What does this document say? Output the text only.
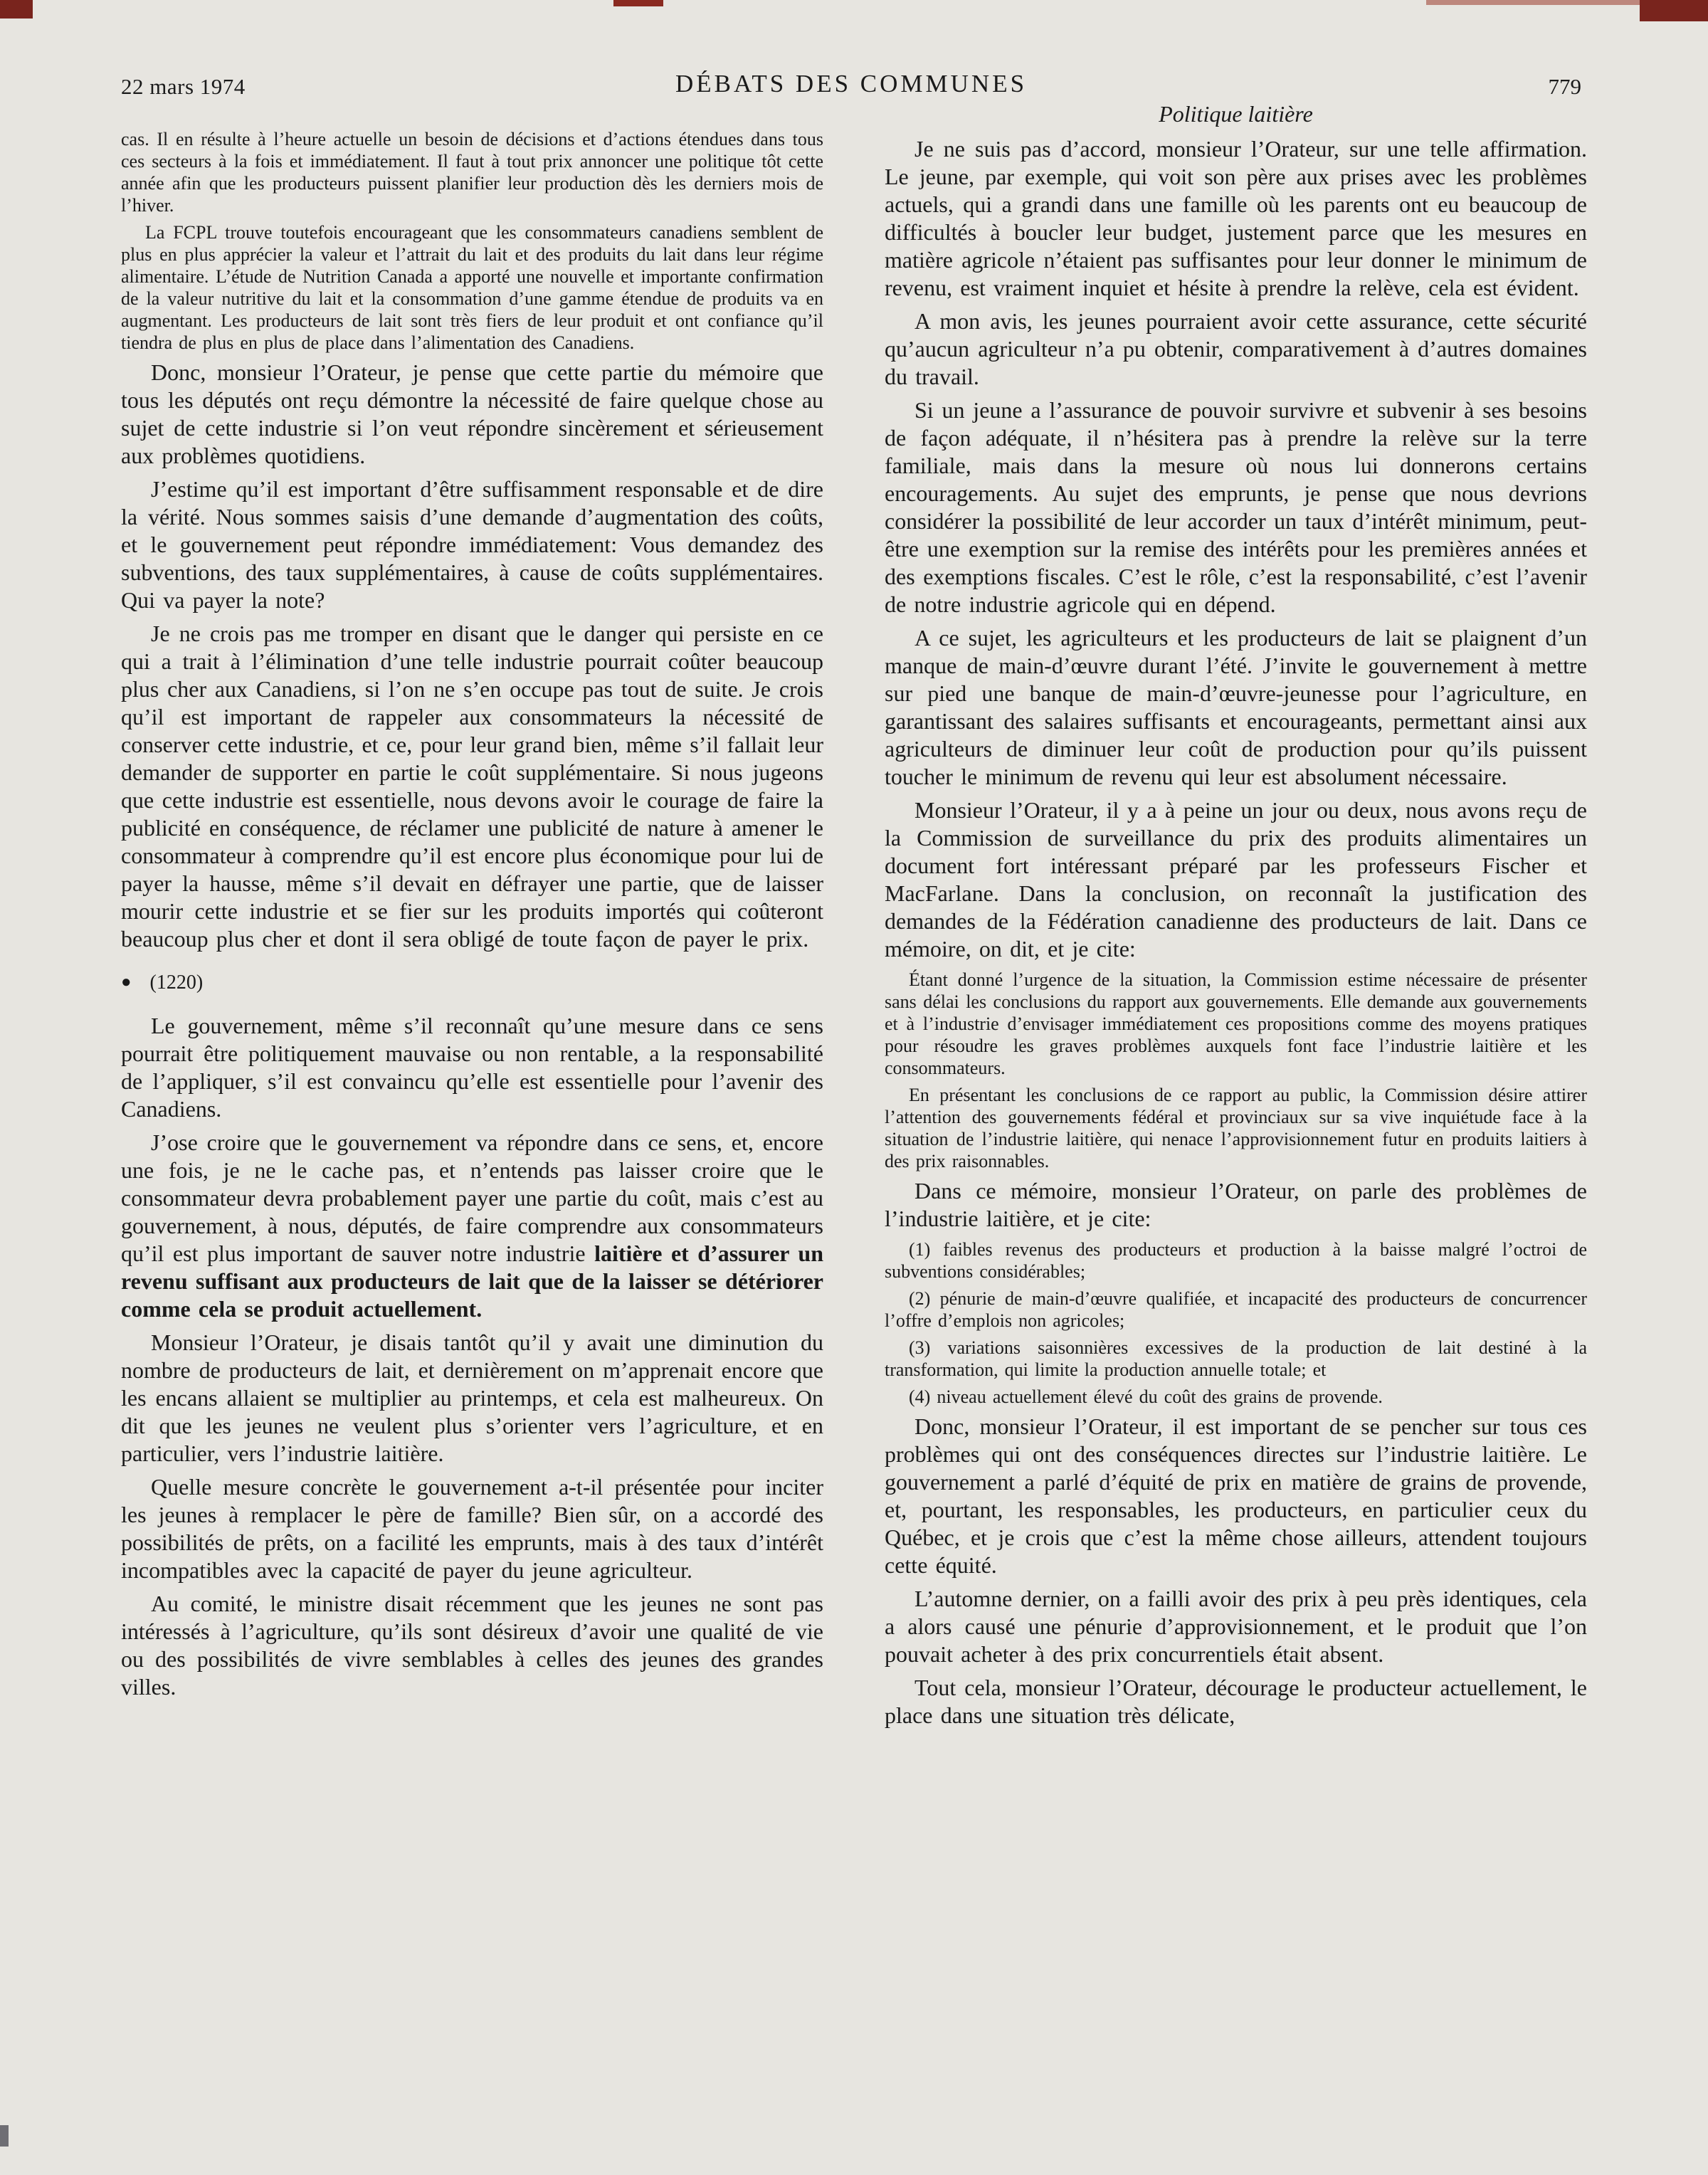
22 mars 1974	DÉBATS DES COMMUNES	779

cas. Il en résulte à l’heure actuelle un besoin de décisions et d’actions étendues dans tous ces secteurs à la fois et immédiatement. Il faut à tout prix annoncer une politique tôt cette année afin que les producteurs puissent planifier leur production dès les derniers mois de l’hiver.

La FCPL trouve toutefois encourageant que les consommateurs canadiens semblent de plus en plus apprécier la valeur et l’attrait du lait et des produits du lait dans leur régime alimentaire. L’étude de Nutrition Canada a apporté une nouvelle et importante confirmation de la valeur nutritive du lait et la consommation d’une gamme étendue de produits va en augmentant. Les producteurs de lait sont très fiers de leur produit et ont confiance qu’il tiendra de plus en plus de place dans l’alimentation des Canadiens.

Donc, monsieur l’Orateur, je pense que cette partie du mémoire que tous les députés ont reçu démontre la nécessité de faire quelque chose au sujet de cette industrie si l’on veut répondre sincèrement et sérieusement aux problèmes quotidiens.

J’estime qu’il est important d’être suffisamment responsable et de dire la vérité. Nous sommes saisis d’une demande d’augmentation des coûts, et le gouvernement peut répondre immédiatement: Vous demandez des subventions, des taux supplémentaires, à cause de coûts supplémentaires. Qui va payer la note?

Je ne crois pas me tromper en disant que le danger qui persiste en ce qui a trait à l’élimination d’une telle industrie pourrait coûter beaucoup plus cher aux Canadiens, si l’on ne s’en occupe pas tout de suite. Je crois qu’il est important de rappeler aux consommateurs la nécessité de conserver cette industrie, et ce, pour leur grand bien, même s’il fallait leur demander de supporter en partie le coût supplémentaire. Si nous jugeons que cette industrie est essentielle, nous devons avoir le courage de faire la publicité en conséquence, de réclamer une publicité de nature à amener le consommateur à comprendre qu’il est encore plus économique pour lui de payer la hausse, même s’il devait en défrayer une partie, que de laisser mourir cette industrie et se fier sur les produits importés qui coûteront beaucoup plus cher et dont il sera obligé de toute façon de payer le prix.

● (1220)

Le gouvernement, même s’il reconnaît qu’une mesure dans ce sens pourrait être politiquement mauvaise ou non rentable, a la responsabilité de l’appliquer, s’il est convaincu qu’elle est essentielle pour l’avenir des Canadiens.

J’ose croire que le gouvernement va répondre dans ce sens, et, encore une fois, je ne le cache pas, et n’entends pas laisser croire que le consommateur devra probablement payer une partie du coût, mais c’est au gouvernement, à nous, députés, de faire comprendre aux consommateurs qu’il est plus important de sauver notre industrie laitière et d’assurer un revenu suffisant aux producteurs de lait que de la laisser se détériorer comme cela se produit actuellement.

Monsieur l’Orateur, je disais tantôt qu’il y avait une diminution du nombre de producteurs de lait, et dernièrement on m’apprenait encore que les encans allaient se multiplier au printemps, et cela est malheureux. On dit que les jeunes ne veulent plus s’orienter vers l’agriculture, et en particulier, vers l’industrie laitière.

Quelle mesure concrète le gouvernement a-t-il présentée pour inciter les jeunes à remplacer le père de famille? Bien sûr, on a accordé des possibilités de prêts, on a facilité les emprunts, mais à des taux d’intérêt incompatibles avec la capacité de payer du jeune agriculteur.

Au comité, le ministre disait récemment que les jeunes ne sont pas intéressés à l’agriculture, qu’ils sont désireux d’avoir une qualité de vie ou des possibilités de vivre semblables à celles des jeunes des grandes villes.

Politique laitière

Je ne suis pas d’accord, monsieur l’Orateur, sur une telle affirmation. Le jeune, par exemple, qui voit son père aux prises avec les problèmes actuels, qui a grandi dans une famille où les parents ont eu beaucoup de difficultés à boucler leur budget, justement parce que les mesures en matière agricole n’étaient pas suffisantes pour leur donner le minimum de revenu, est vraiment inquiet et hésite à prendre la relève, cela est évident.

A mon avis, les jeunes pourraient avoir cette assurance, cette sécurité qu’aucun agriculteur n’a pu obtenir, comparativement à d’autres domaines du travail.

Si un jeune a l’assurance de pouvoir survivre et subvenir à ses besoins de façon adéquate, il n’hésitera pas à prendre la relève sur la terre familiale, mais dans la mesure où nous lui donnerons certains encouragements. Au sujet des emprunts, je pense que nous devrions considérer la possibilité de leur accorder un taux d’intérêt minimum, peut-être une exemption sur la remise des intérêts pour les premières années et des exemptions fiscales. C’est le rôle, c’est la responsabilité, c’est l’avenir de notre industrie agricole qui en dépend.

A ce sujet, les agriculteurs et les producteurs de lait se plaignent d’un manque de main-d’œuvre durant l’été. J’invite le gouvernement à mettre sur pied une banque de main-d’œuvre-jeunesse pour l’agriculture, en garantissant des salaires suffisants et encourageants, permettant ainsi aux agriculteurs de diminuer leur coût de production pour qu’ils puissent toucher le minimum de revenu qui leur est absolument nécessaire.

Monsieur l’Orateur, il y a à peine un jour ou deux, nous avons reçu de la Commission de surveillance du prix des produits alimentaires un document fort intéressant préparé par les professeurs Fischer et MacFarlane. Dans la conclusion, on reconnaît la justification des demandes de la Fédération canadienne des producteurs de lait. Dans ce mémoire, on dit, et je cite:

Étant donné l’urgence de la situation, la Commission estime nécessaire de présenter sans délai les conclusions du rapport aux gouvernements. Elle demande aux gouvernements et à l’industrie d’envisager immédiatement ces propositions comme des moyens pratiques pour résoudre les graves problèmes auxquels font face l’industrie laitière et les consommateurs.

En présentant les conclusions de ce rapport au public, la Commission désire attirer l’attention des gouvernements fédéral et provinciaux sur sa vive inquiétude face à la situation de l’industrie laitière, qui nenace l’approvisionnement futur en produits laitiers à des prix raisonnables.

Dans ce mémoire, monsieur l’Orateur, on parle des problèmes de l’industrie laitière, et je cite:

(1) faibles revenus des producteurs et production à la baisse malgré l’octroi de subventions considérables;

(2) pénurie de main-d’œuvre qualifiée, et incapacité des producteurs de concurrencer l’offre d’emplois non agricoles;

(3) variations saisonnières excessives de la production de lait destiné à la transformation, qui limite la production annuelle totale; et

(4) niveau actuellement élevé du coût des grains de provende.

Donc, monsieur l’Orateur, il est important de se pencher sur tous ces problèmes qui ont des conséquences directes sur l’industrie laitière. Le gouvernement a parlé d’équité de prix en matière de grains de provende, et, pourtant, les responsables, les producteurs, en particulier ceux du Québec, et je crois que c’est la même chose ailleurs, attendent toujours cette équité.

L’automne dernier, on a failli avoir des prix à peu près identiques, cela a alors causé une pénurie d’approvisionnement, et le produit que l’on pouvait acheter à des prix concurrentiels était absent.

Tout cela, monsieur l’Orateur, décourage le producteur actuellement, le place dans une situation très délicate,
